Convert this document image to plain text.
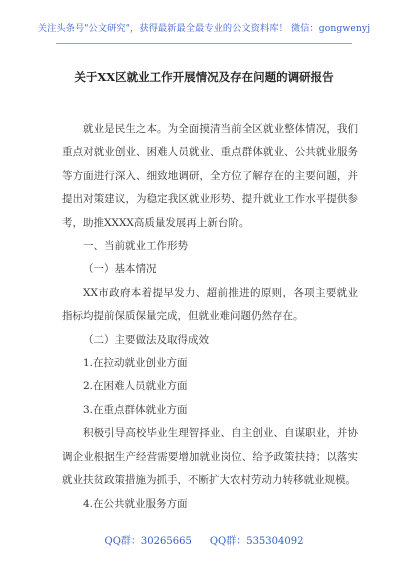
关注头条号"公文研究"，获得最新最全最专业的公文资料库！ 微信：gongwenyj
关于XX区就业工作开展情况及存在问题的调研报告

就业是民生之本。为全面摸清当前全区就业整体情况，我们重点对就业创业、困难人员就业、重点群体就业、公共就业服务等方面进行深入、细致地调研，全方位了解存在的主要问题，并提出对策建议，为稳定我区就业形势、提升就业工作水平提供参考，助推XXXX高质量发展再上新台阶。

一、当前就业工作形势

（一）基本情况

XX市政府本着提早发力、超前推进的原则，各项主要就业指标均提前保质保量完成，但就业难问题仍然存在。

（二）主要做法及取得成效

1.在拉动就业创业方面

2.在困难人员就业方面

3.在重点群体就业方面

积极引导高校毕业生理智择业、自主创业、自谋职业，并协调企业根据生产经营需要增加就业岗位、给予政策扶持；以落实就业扶贫政策措施为抓手，不断扩大农村劳动力转移就业规模。

4.在公共就业服务方面

QQ群：30265665 QQ群：535304092
